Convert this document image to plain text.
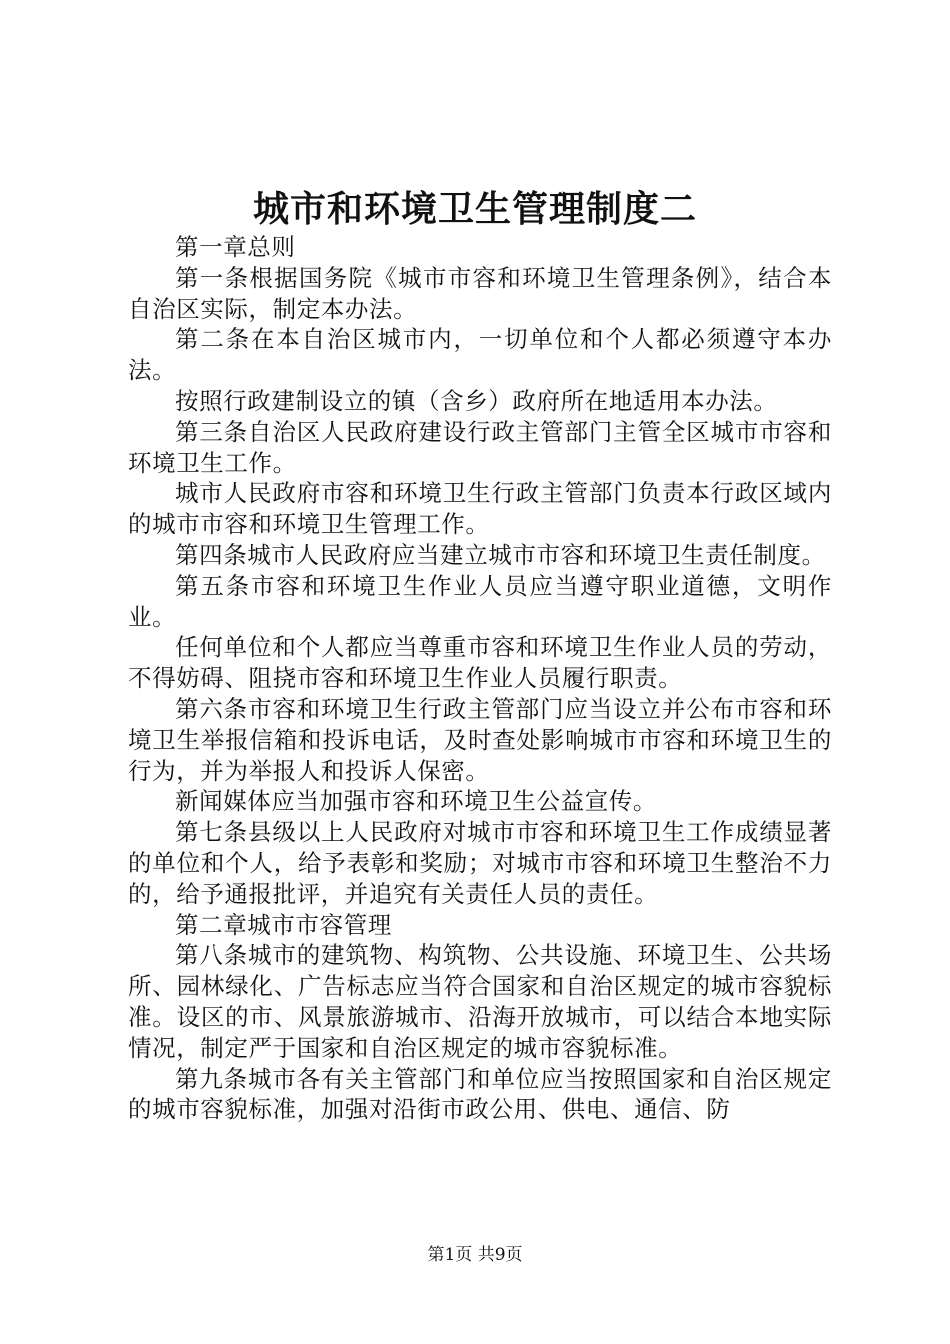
城市和环境卫生管理制度二

第一章总则

第一条根据国务院《城市市容和环境卫生管理条例》，结合本自治区实际，制定本办法。

第二条在本自治区城市内，一切单位和个人都必须遵守本办法。

按照行政建制设立的镇（含乡）政府所在地适用本办法。

第三条自治区人民政府建设行政主管部门主管全区城市市容和环境卫生工作。

城市人民政府市容和环境卫生行政主管部门负责本行政区域内的城市市容和环境卫生管理工作。

第四条城市人民政府应当建立城市市容和环境卫生责任制度。

第五条市容和环境卫生作业人员应当遵守职业道德，文明作业。

任何单位和个人都应当尊重市容和环境卫生作业人员的劳动，不得妨碍、阻挠市容和环境卫生作业人员履行职责。

第六条市容和环境卫生行政主管部门应当设立并公布市容和环境卫生举报信箱和投诉电话，及时查处影响城市市容和环境卫生的行为，并为举报人和投诉人保密。

新闻媒体应当加强市容和环境卫生公益宣传。

第七条县级以上人民政府对城市市容和环境卫生工作成绩显著的单位和个人，给予表彰和奖励；对城市市容和环境卫生整治不力的，给予通报批评，并追究有关责任人员的责任。

第二章城市市容管理

第八条城市的建筑物、构筑物、公共设施、环境卫生、公共场所、园林绿化、广告标志应当符合国家和自治区规定的城市容貌标准。设区的市、风景旅游城市、沿海开放城市，可以结合本地实际情况，制定严于国家和自治区规定的城市容貌标准。

第九条城市各有关主管部门和单位应当按照国家和自治区规定的城市容貌标准，加强对沿街市政公用、供电、通信、防

第1页 共9页
